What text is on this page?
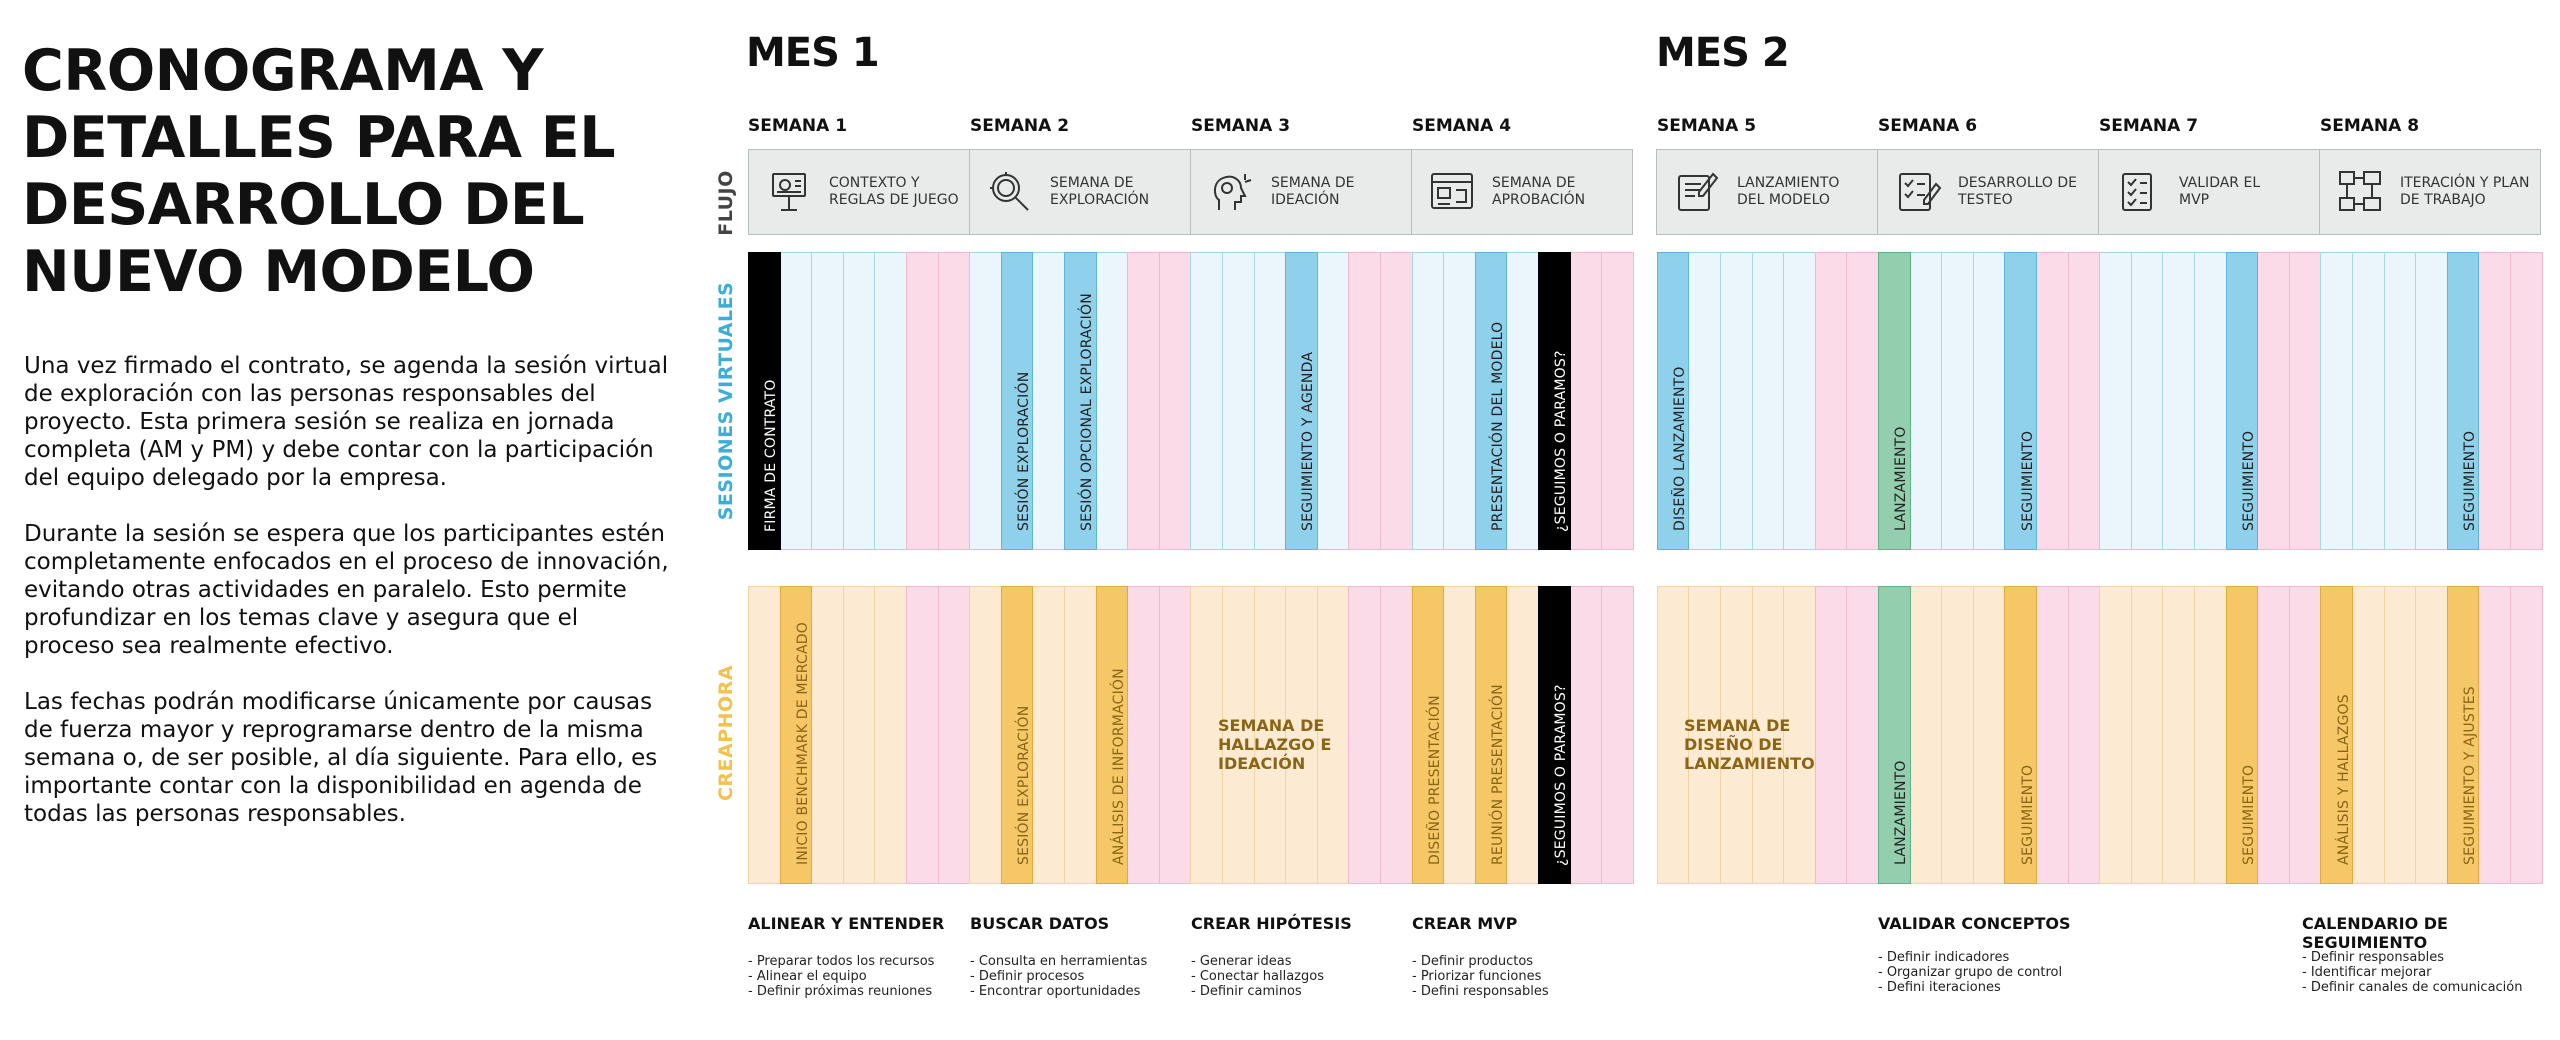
CRONOGRAMA Y
DETALLES PARA EL
DESARROLLO DEL
NUEVO MODELO

Una vez firmado el contrato, se agenda la sesión virtual de exploración con las personas responsables del proyecto. Esta primera sesión se realiza en jornada completa (AM y PM) y debe contar con la participación del equipo delegado por la empresa.

Durante la sesión se espera que los participantes estén completamente enfocados en el proceso de innovación, evitando otras actividades en paralelo. Esto permite profundizar en los temas clave y asegura que el proceso sea realmente efectivo.

Las fechas podrán modificarse únicamente por causas de fuerza mayor y reprogramarse dentro de la misma semana o, de ser posible, al día siguiente. Para ello, es importante contar con la disponibilidad en agenda de todas las personas responsables.

MES 1	MES 2
SEMANA 1	SEMANA 2	SEMANA 3	SEMANA 4	SEMANA 5	SEMANA 6	SEMANA 7	SEMANA 8
FLUJO
SESIONES VIRTUALES
CREAPHORA
CONTEXTO Y REGLAS DE JUEGO
SEMANA DE EXPLORACIÓN
SEMANA DE IDEACIÓN
SEMANA DE APROBACIÓN
LANZAMIENTO DEL MODELO
DESARROLLO DE TESTEO
VALIDAR EL MVP
ITERACIÓN Y PLAN DE TRABAJO
FIRMA DE CONTRATO	SESIÓN EXPLORACIÓN	SESIÓN OPCIONAL EXPLORACIÓN	SEGUIMIENTO Y AGENDA	PRESENTACIÓN DEL MODELO	¿SEGUIMOS O PARAMOS?	DISEÑO LANZAMIENTO	LANZAMIENTO	SEGUIMIENTO	SEGUIMIENTO	SEGUIMIENTO
INICIO BENCHMARK DE MERCADO	SESIÓN EXPLORACIÓN	ANÁLISIS DE INFORMACIÓN	DISEÑO PRESENTACIÓN	REUNIÓN PRESENTACIÓN	¿SEGUIMOS O PARAMOS?	LANZAMIENTO	SEGUIMIENTO	SEGUIMIENTO	ANÁLISIS Y HALLAZGOS	SEGUIMIENTO Y AJUSTES
SEMANA DE
HALLAZGO E
IDEACIÓN
SEMANA DE
DISEÑO DE
LANZAMIENTO
ALINEAR Y ENTENDER
- Preparar todos los recursos
- Alinear el equipo
- Definir próximas reuniones
BUSCAR DATOS
- Consulta en herramientas
- Definir procesos
- Encontrar oportunidades
CREAR HIPÓTESIS
- Generar ideas
- Conectar hallazgos
- Definir caminos
CREAR MVP
- Definir productos
- Priorizar funciones
- Defini responsables
VALIDAR CONCEPTOS
- Definir indicadores
- Organizar grupo de control
- Defini iteraciones
CALENDARIO DE SEGUIMIENTO
- Definir responsables
- Identificar mejorar
- Definir canales de comunicación
